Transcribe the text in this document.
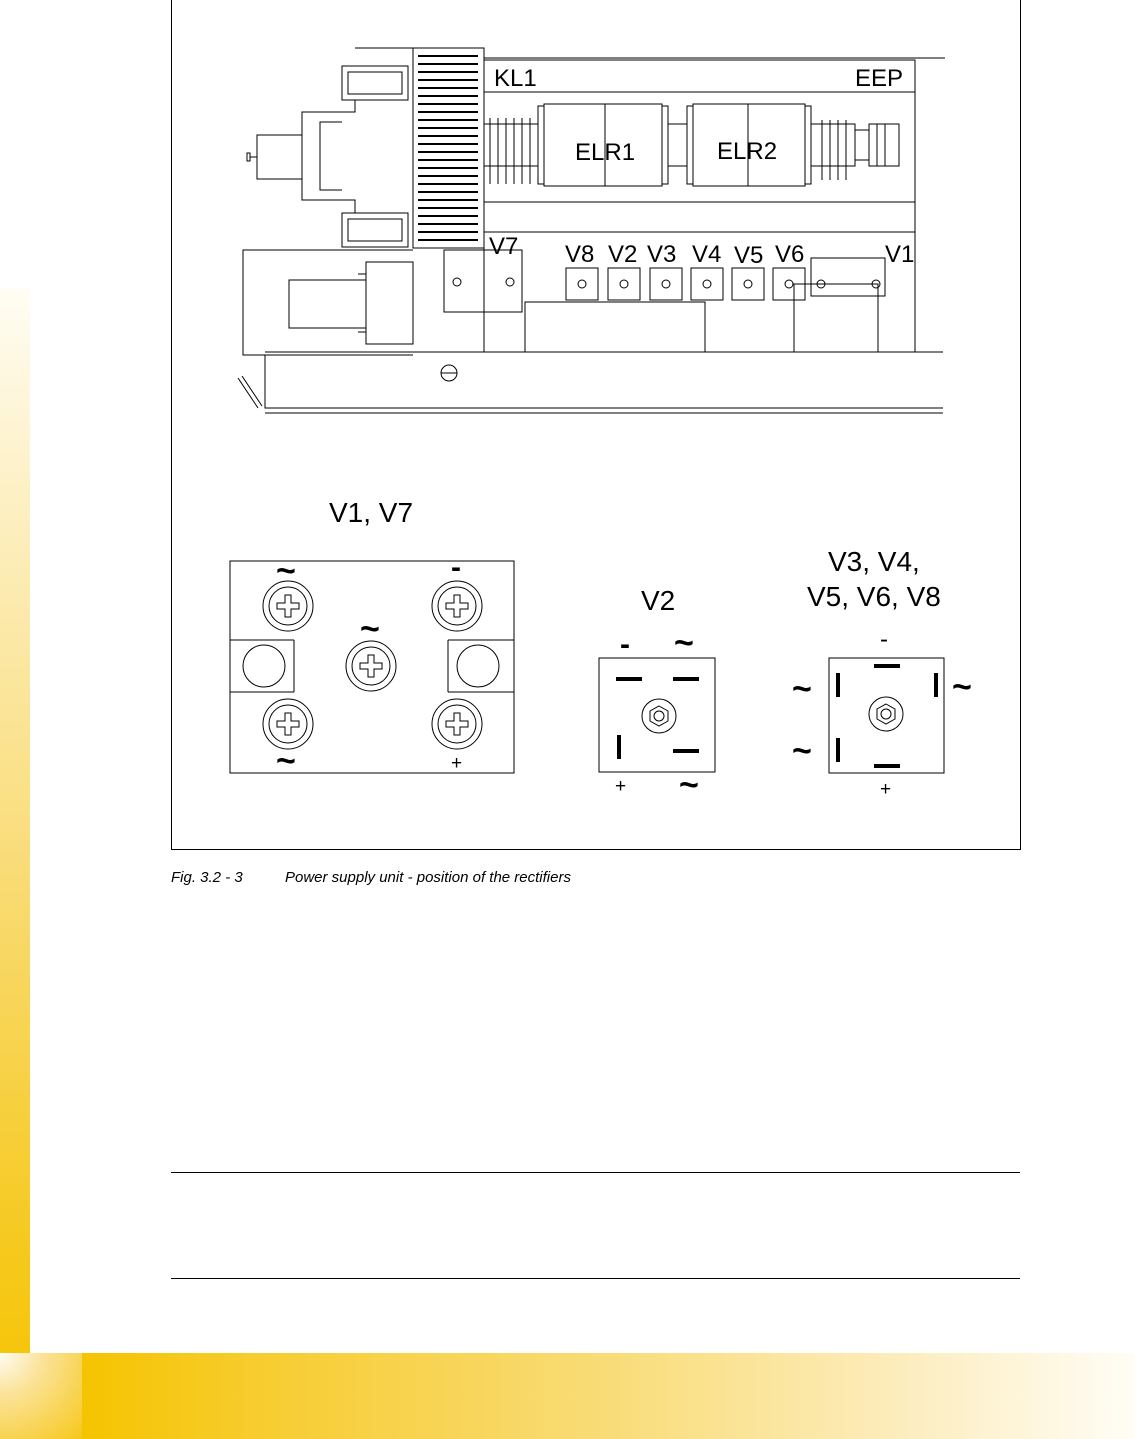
KL1	EEP
ELR1	ELR2
V7 V8 V2 V3 V4 V5 V6	V1
V1, V7
~	-
~
~	+
V2
- ~
+ ~
V3, V4,
V5, V6, V8
-
~	~
~
+
Fig. 3.2 - 3	Power supply unit - position of the rectifiers
